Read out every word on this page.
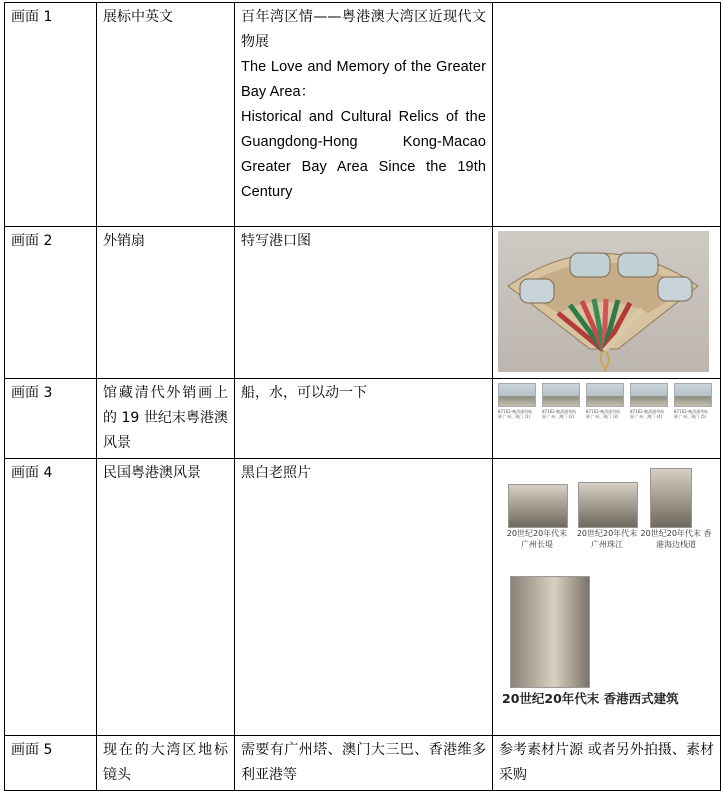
画面 1	展标中英文	百年湾区情——粤港澳大湾区近现代文物展
The Love and Memory of the Greater Bay Area：
Historical and Cultural Relics of the Guangdong-Hong Kong-Macao Greater Bay Area Since the 19th Century	

画面 2	外销扇	特写港口图	

画面 3	馆藏清代外销画上的 19 世纪末粤港澳风景	船，水，可以动一下	87162-晚清通草纸画 广州、澳门 (1)
87162-晚清通草纸画 广州、澳门 (2)
87162-晚清通草纸画 广州、澳门 (3)
87162-晚清通草纸画 广州、澳门 (4)
87162-晚清通草纸画 广州、澳门 (5)

画面 4	民国粤港澳风景	黑白老照片	20世纪20年代末 广州长堤
20世纪20年代末 广州珠江
20世纪20年代末 香港海边栈道
20世纪20年代末 香港西式建筑

画面 5	现在的大湾区地标镜头	需要有广州塔、澳门大三巴、香港维多利亚港等	参考素材片源 或者另外拍摄、素材采购
